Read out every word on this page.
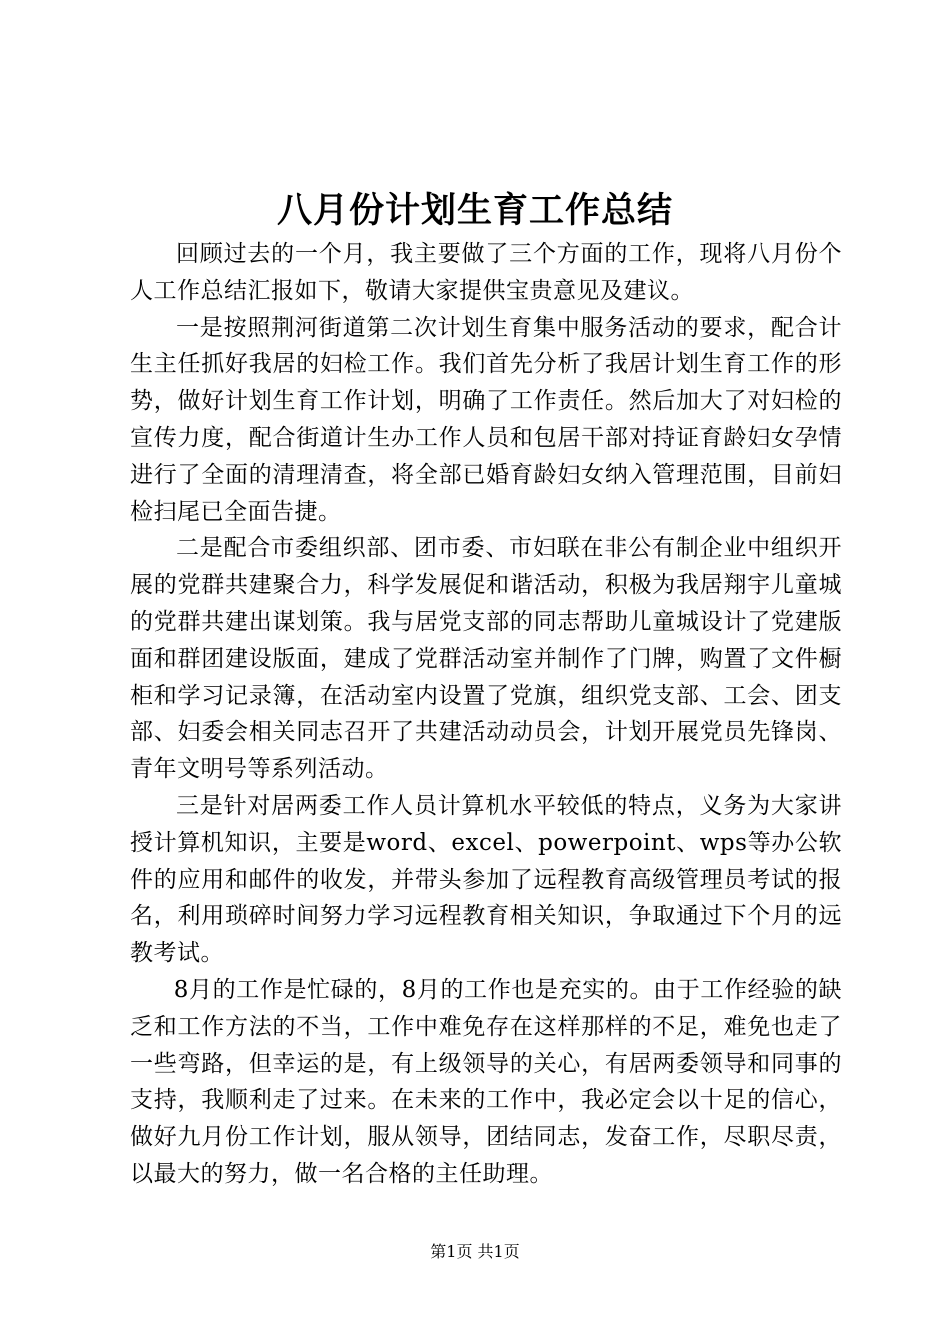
八月份计划生育工作总结

回顾过去的一个月，我主要做了三个方面的工作，现将八月份个人工作总结汇报如下，敬请大家提供宝贵意见及建议。

一是按照荆河街道第二次计划生育集中服务活动的要求，配合计生主任抓好我居的妇检工作。我们首先分析了我居计划生育工作的形势，做好计划生育工作计划，明确了工作责任。然后加大了对妇检的宣传力度，配合街道计生办工作人员和包居干部对持证育龄妇女孕情进行了全面的清理清查，将全部已婚育龄妇女纳入管理范围，目前妇检扫尾已全面告捷。

二是配合市委组织部、团市委、市妇联在非公有制企业中组织开展的党群共建聚合力，科学发展促和谐活动，积极为我居翔宇儿童城的党群共建出谋划策。我与居党支部的同志帮助儿童城设计了党建版面和群团建设版面，建成了党群活动室并制作了门牌，购置了文件橱柜和学习记录簿，在活动室内设置了党旗，组织党支部、工会、团支部、妇委会相关同志召开了共建活动动员会，计划开展党员先锋岗、青年文明号等系列活动。

三是针对居两委工作人员计算机水平较低的特点，义务为大家讲授计算机知识，主要是word、excel、powerpoint、wps等办公软件的应用和邮件的收发，并带头参加了远程教育高级管理员考试的报名，利用琐碎时间努力学习远程教育相关知识，争取通过下个月的远教考试。

8月的工作是忙碌的，8月的工作也是充实的。由于工作经验的缺乏和工作方法的不当，工作中难免存在这样那样的不足，难免也走了一些弯路，但幸运的是，有上级领导的关心，有居两委领导和同事的支持，我顺利走了过来。在未来的工作中，我必定会以十足的信心，做好九月份工作计划，服从领导，团结同志，发奋工作，尽职尽责，以最大的努力，做一名合格的主任助理。

第1页 共1页
